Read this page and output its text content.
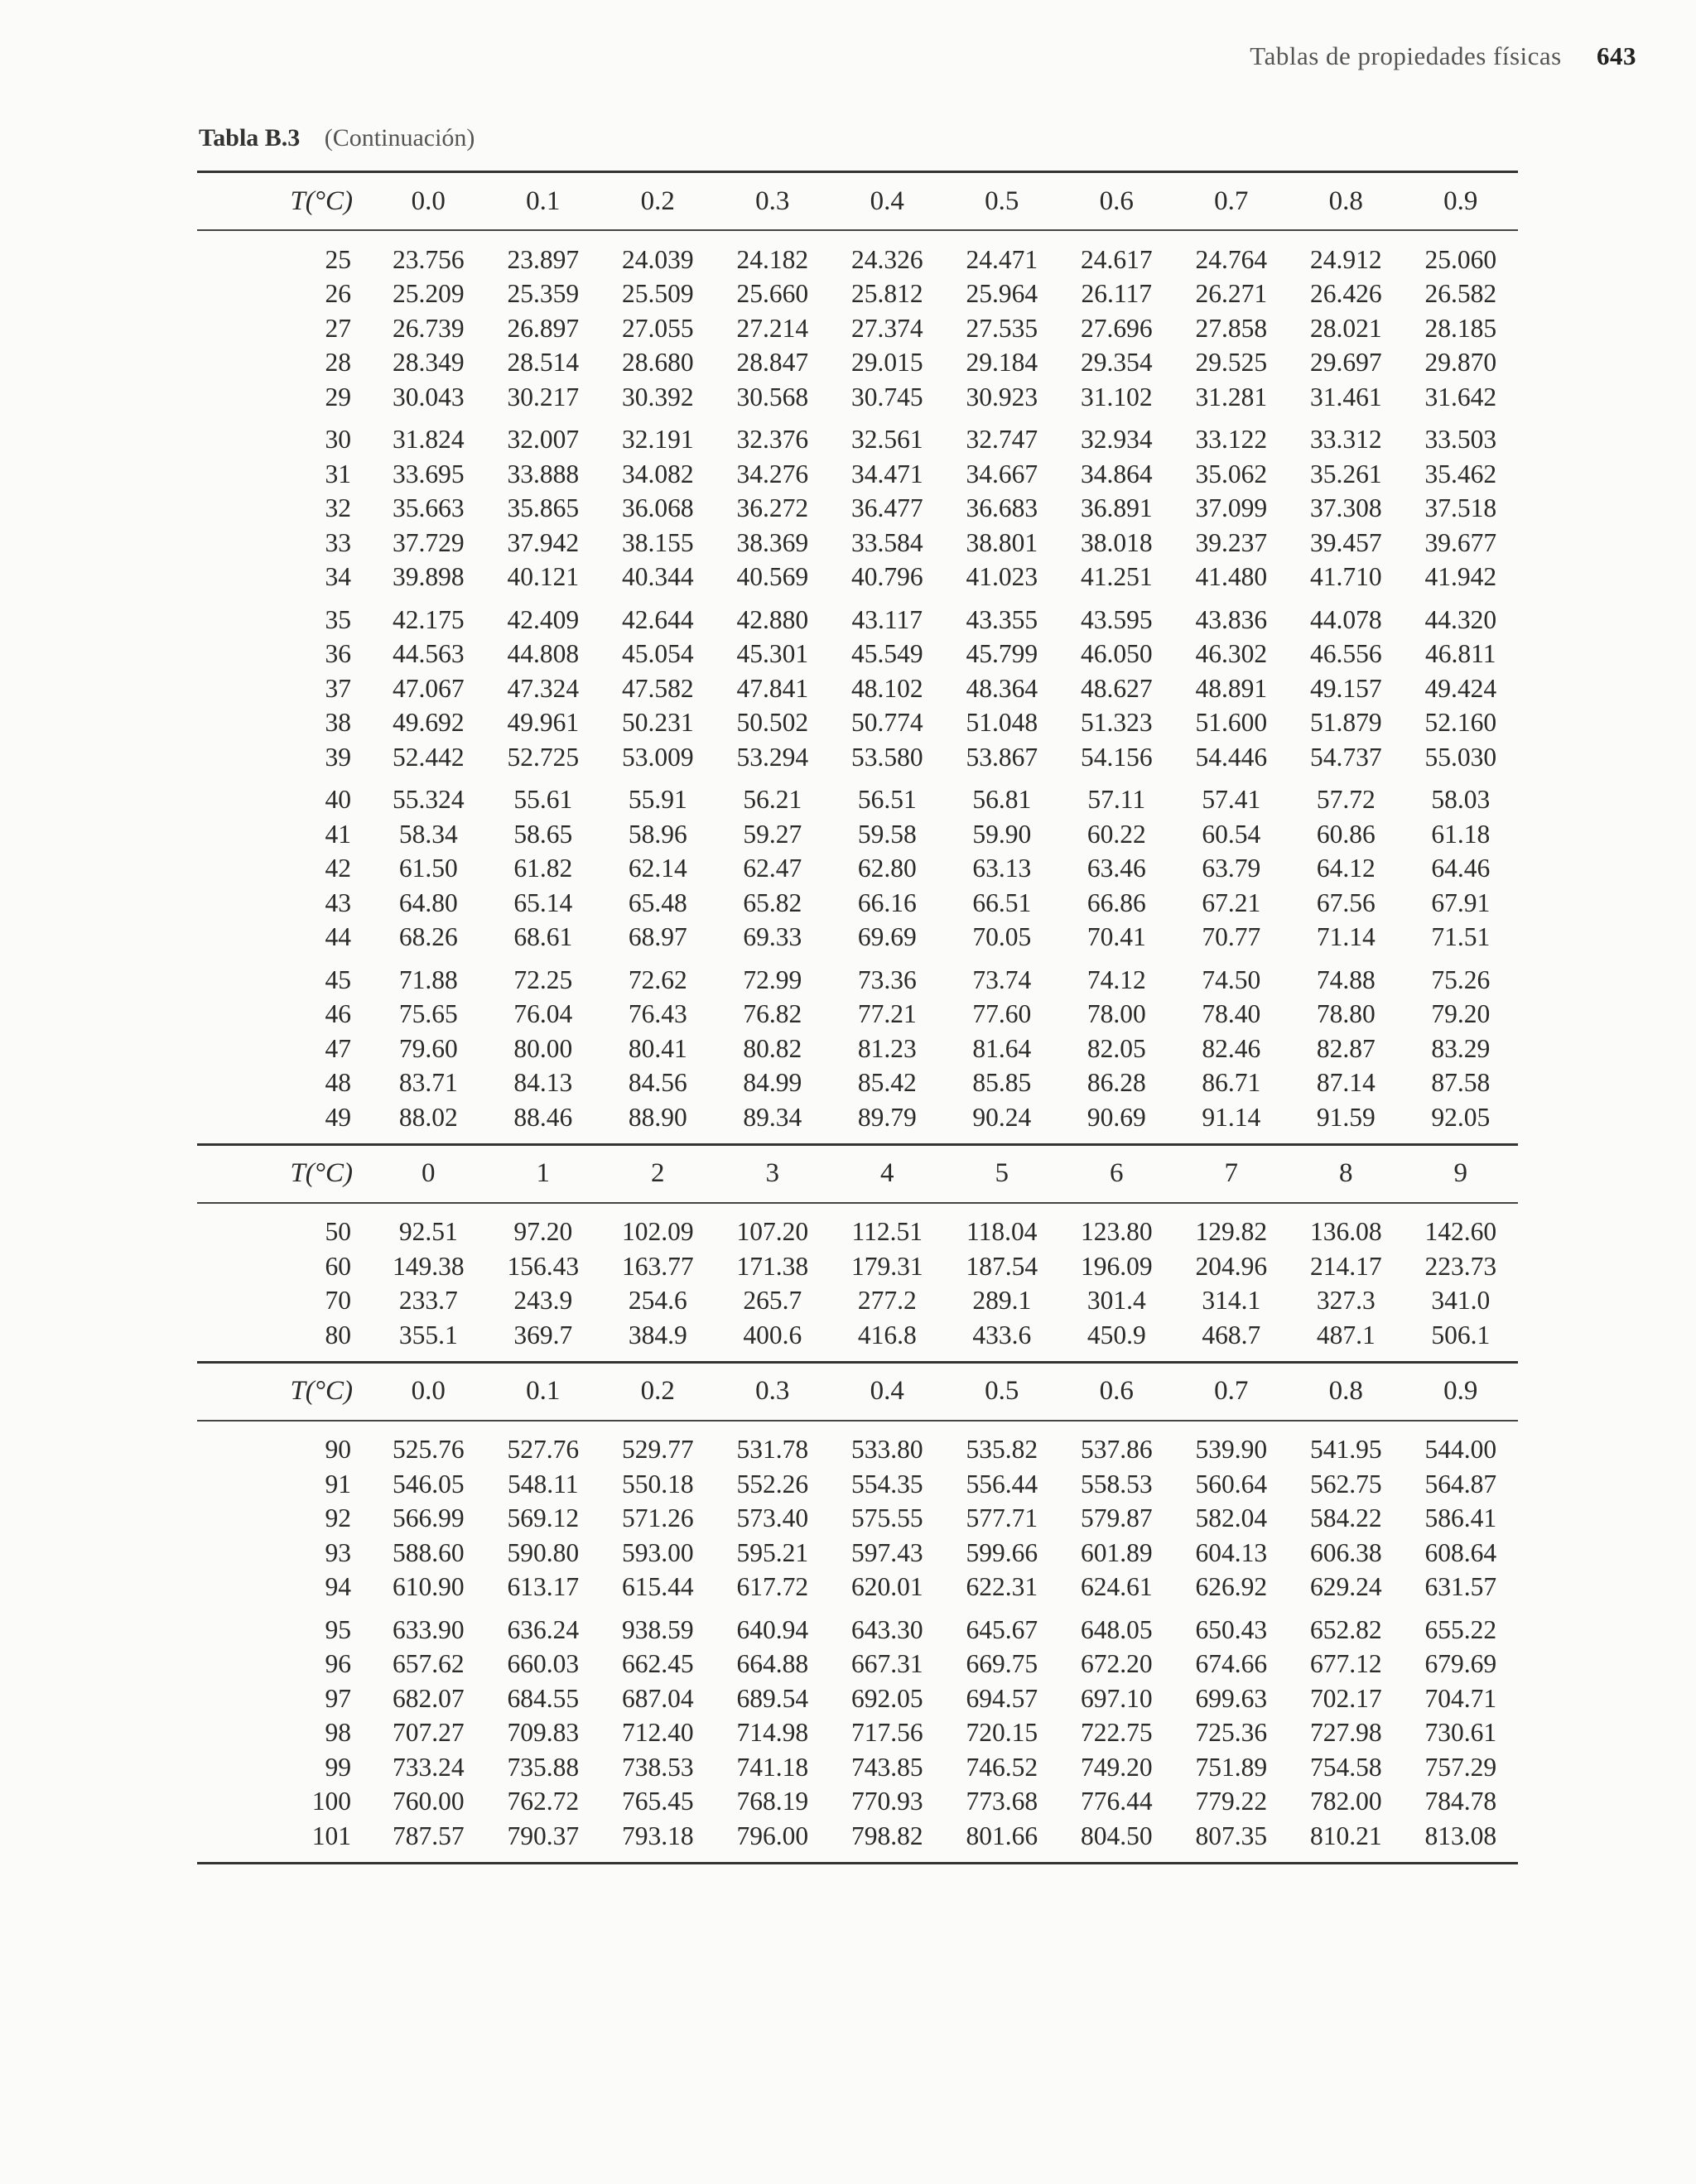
Tablas de propiedades físicas 643
Tabla B.3 (Continuación)
T(°C)	0.0	0.1	0.2	0.3	0.4	0.5	0.6	0.7	0.8	0.9
25	23.756	23.897	24.039	24.182	24.326	24.471	24.617	24.764	24.912	25.060
26	25.209	25.359	25.509	25.660	25.812	25.964	26.117	26.271	26.426	26.582
27	26.739	26.897	27.055	27.214	27.374	27.535	27.696	27.858	28.021	28.185
28	28.349	28.514	28.680	28.847	29.015	29.184	29.354	29.525	29.697	29.870
29	30.043	30.217	30.392	30.568	30.745	30.923	31.102	31.281	31.461	31.642
30	31.824	32.007	32.191	32.376	32.561	32.747	32.934	33.122	33.312	33.503
31	33.695	33.888	34.082	34.276	34.471	34.667	34.864	35.062	35.261	35.462
32	35.663	35.865	36.068	36.272	36.477	36.683	36.891	37.099	37.308	37.518
33	37.729	37.942	38.155	38.369	33.584	38.801	38.018	39.237	39.457	39.677
34	39.898	40.121	40.344	40.569	40.796	41.023	41.251	41.480	41.710	41.942
35	42.175	42.409	42.644	42.880	43.117	43.355	43.595	43.836	44.078	44.320
36	44.563	44.808	45.054	45.301	45.549	45.799	46.050	46.302	46.556	46.811
37	47.067	47.324	47.582	47.841	48.102	48.364	48.627	48.891	49.157	49.424
38	49.692	49.961	50.231	50.502	50.774	51.048	51.323	51.600	51.879	52.160
39	52.442	52.725	53.009	53.294	53.580	53.867	54.156	54.446	54.737	55.030
40	55.324	55.61	55.91	56.21	56.51	56.81	57.11	57.41	57.72	58.03
41	58.34	58.65	58.96	59.27	59.58	59.90	60.22	60.54	60.86	61.18
42	61.50	61.82	62.14	62.47	62.80	63.13	63.46	63.79	64.12	64.46
43	64.80	65.14	65.48	65.82	66.16	66.51	66.86	67.21	67.56	67.91
44	68.26	68.61	68.97	69.33	69.69	70.05	70.41	70.77	71.14	71.51
45	71.88	72.25	72.62	72.99	73.36	73.74	74.12	74.50	74.88	75.26
46	75.65	76.04	76.43	76.82	77.21	77.60	78.00	78.40	78.80	79.20
47	79.60	80.00	80.41	80.82	81.23	81.64	82.05	82.46	82.87	83.29
48	83.71	84.13	84.56	84.99	85.42	85.85	86.28	86.71	87.14	87.58
49	88.02	88.46	88.90	89.34	89.79	90.24	90.69	91.14	91.59	92.05
T(°C)	0	1	2	3	4	5	6	7	8	9
50	92.51	97.20	102.09	107.20	112.51	118.04	123.80	129.82	136.08	142.60
60	149.38	156.43	163.77	171.38	179.31	187.54	196.09	204.96	214.17	223.73
70	233.7	243.9	254.6	265.7	277.2	289.1	301.4	314.1	327.3	341.0
80	355.1	369.7	384.9	400.6	416.8	433.6	450.9	468.7	487.1	506.1
T(°C)	0.0	0.1	0.2	0.3	0.4	0.5	0.6	0.7	0.8	0.9
90	525.76	527.76	529.77	531.78	533.80	535.82	537.86	539.90	541.95	544.00
91	546.05	548.11	550.18	552.26	554.35	556.44	558.53	560.64	562.75	564.87
92	566.99	569.12	571.26	573.40	575.55	577.71	579.87	582.04	584.22	586.41
93	588.60	590.80	593.00	595.21	597.43	599.66	601.89	604.13	606.38	608.64
94	610.90	613.17	615.44	617.72	620.01	622.31	624.61	626.92	629.24	631.57
95	633.90	636.24	938.59	640.94	643.30	645.67	648.05	650.43	652.82	655.22
96	657.62	660.03	662.45	664.88	667.31	669.75	672.20	674.66	677.12	679.69
97	682.07	684.55	687.04	689.54	692.05	694.57	697.10	699.63	702.17	704.71
98	707.27	709.83	712.40	714.98	717.56	720.15	722.75	725.36	727.98	730.61
99	733.24	735.88	738.53	741.18	743.85	746.52	749.20	751.89	754.58	757.29
100	760.00	762.72	765.45	768.19	770.93	773.68	776.44	779.22	782.00	784.78
101	787.57	790.37	793.18	796.00	798.82	801.66	804.50	807.35	810.21	813.08
